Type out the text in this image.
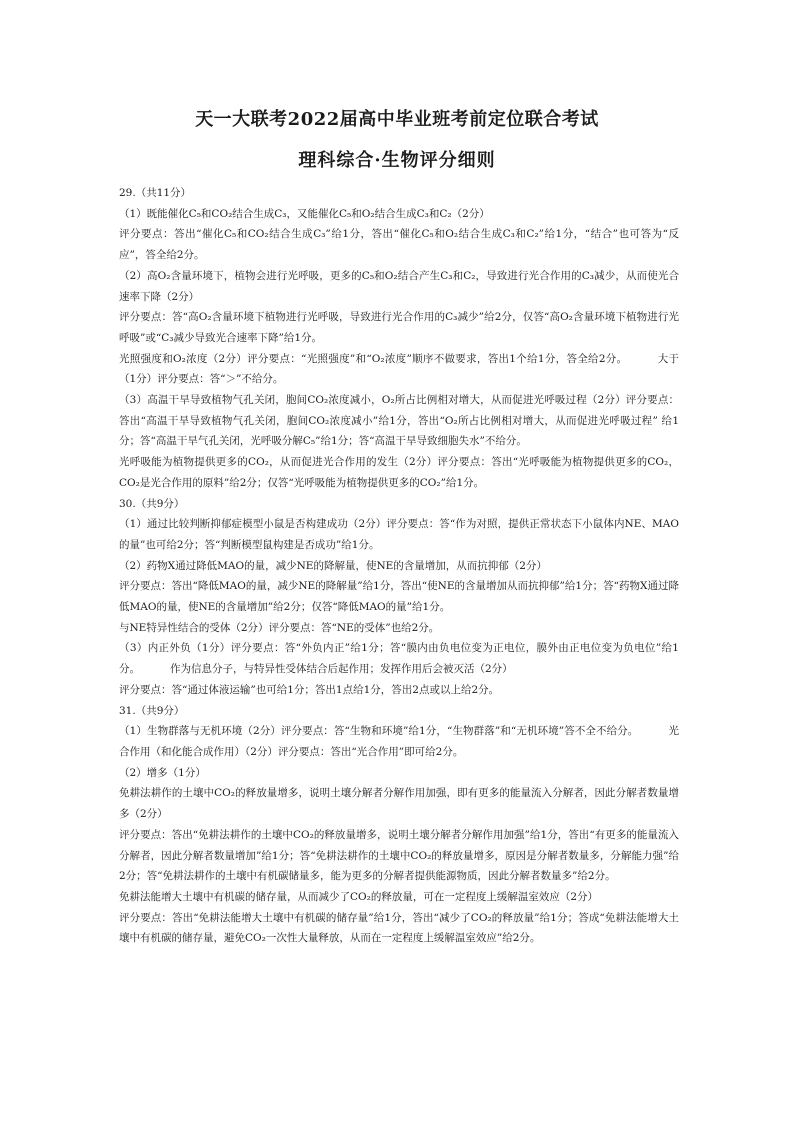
天一大联考2022届高中毕业班考前定位联合考试
理科综合·生物评分细则

29.（共11分）

（1）既能催化C₅和CO₂结合生成C₃，又能催化C₅和O₂结合生成C₃和C₂（2分）

评分要点：答出“催化C₅和CO₂结合生成C₃”给1分，答出“催化C₅和O₂结合生成C₃和C₂”给1分，“结合”也可答为“反应”，答全给2分。

（2）高O₂含量环境下，植物会进行光呼吸，更多的C₅和O₂结合产生C₃和C₂，导致进行光合作用的C₃减少，从而使光合速率下降（2分）

评分要点：答“高O₂含量环境下植物进行光呼吸，导致进行光合作用的C₃减少”给2分，仅答“高O₂含量环境下植物进行光呼吸”或“C₃减少导致光合速率下降”给1分。

光照强度和O₂浓度（2分）评分要点：“光照强度”和“O₂浓度”顺序不做要求，答出1个给1分，答全给2分。	大于（1分）评分要点：答“＞”不给分。

（3）高温干旱导致植物气孔关闭，胞间CO₂浓度减小，O₂所占比例相对增大，从而促进光呼吸过程（2分）评分要点：答出“高温干旱导致植物气孔关闭，胞间CO₂浓度减小”给1分，答出“O₂所占比例相对增大，从而促进光呼吸过程” 给1分；答“高温干旱气孔关闭，光呼吸分解C₅”给1分；答“高温干旱导致细胞失水”不给分。

光呼吸能为植物提供更多的CO₂，从而促进光合作用的发生（2分）评分要点：答出“光呼吸能为植物提供更多的CO₂，CO₂是光合作用的原料”给2分；仅答“光呼吸能为植物提供更多的CO₂”给1分。

30.（共9分）

（1）通过比较判断抑郁症模型小鼠是否构建成功（2分）评分要点：答“作为对照，提供正常状态下小鼠体内NE、MAO的量”也可给2分；答“判断模型鼠构建是否成功”给1分。

（2）药物X通过降低MAO的量，减少NE的降解量，使NE的含量增加，从而抗抑郁（2分）

评分要点：答出“降低MAO的量，减少NE的降解量”给1分，答出“使NE的含量增加从而抗抑郁”给1分；答“药物X通过降低MAO的量，使NE的含量增加”给2分；仅答“降低MAO的量”给1分。

与NE特异性结合的受体（2分）评分要点：答“NE的受体”也给2分。

（3）内正外负（1分）评分要点：答“外负内正”给1分；答“膜内由负电位变为正电位，膜外由正电位变为负电位”给1分。	作为信息分子，与特异性受体结合后起作用；发挥作用后会被灭活（2分）

评分要点：答“通过体液运输”也可给1分；答出1点给1分，答出2点或以上给2分。

31.（共9分）

（1）生物群落与无机环境（2分）评分要点：答“生物和环境”给1分，“生物群落”和“无机环境”答不全不给分。	光合作用（和化能合成作用）（2分）评分要点：答出“光合作用”即可给2分。

（2）增多（1分）

免耕法耕作的土壤中CO₂的释放量增多，说明土壤分解者分解作用加强，即有更多的能量流入分解者，因此分解者数量增多（2分）

评分要点：答出“免耕法耕作的土壤中CO₂的释放量增多，说明土壤分解者分解作用加强”给1分，答出“有更多的能量流入分解者，因此分解者数量增加”给1分；答“免耕法耕作的土壤中CO₂的释放量增多，原因是分解者数量多，分解能力强”给2分；答“免耕法耕作的土壤中有机碳储量多，能为更多的分解者提供能源物质，因此分解者数量多”给2分。

免耕法能增大土壤中有机碳的储存量，从而减少了CO₂的释放量，可在一定程度上缓解温室效应（2分）

评分要点：答出“免耕法能增大土壤中有机碳的储存量”给1分，答出“减少了CO₂的释放量”给1分；答成“免耕法能增大土壤中有机碳的储存量，避免CO₂一次性大量释放，从而在一定程度上缓解温室效应”给2分。
